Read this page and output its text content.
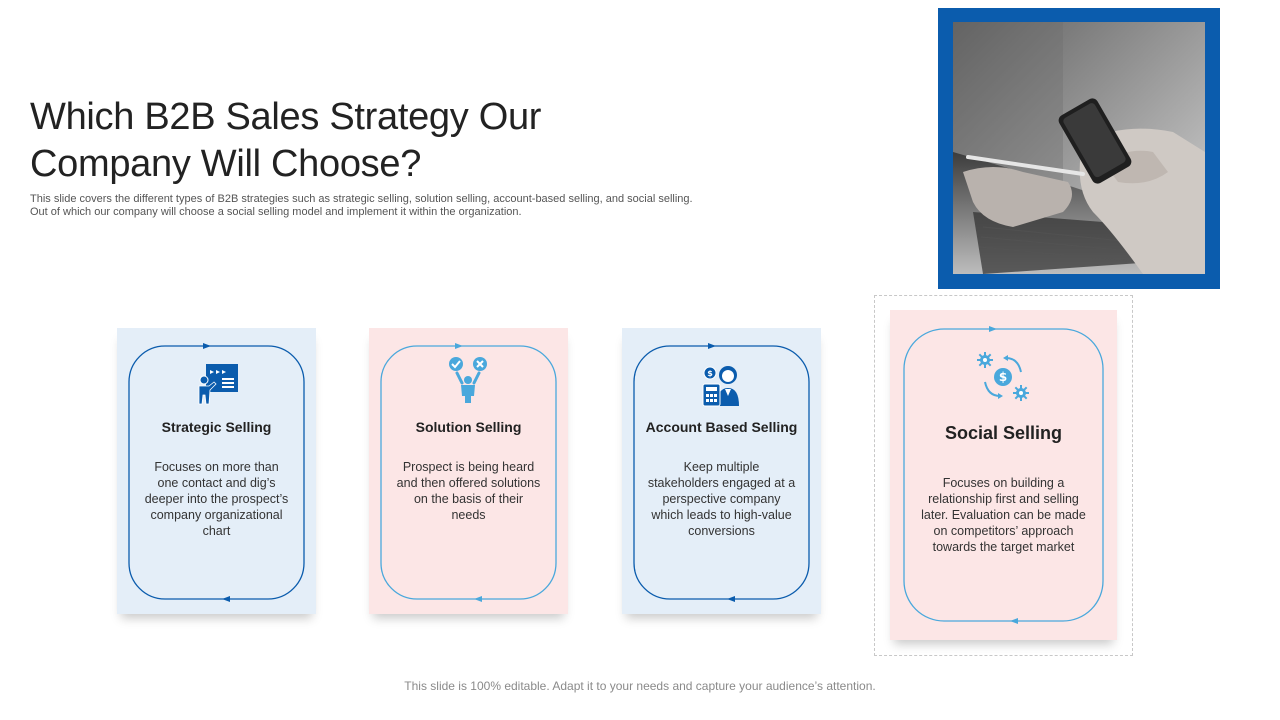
Which B2B Sales Strategy Our
Company Will Choose?
This slide covers the different types of B2B strategies such as strategic selling, solution selling, account-based selling, and social selling.
Out of which our company will choose a social selling model and implement it within the organization.
Strategic Selling
Focuses on more than
one contact and dig’s
deeper into the prospect’s
company organizational
chart
Solution Selling
Prospect is being heard
and then offered solutions
on the basis of their
needs
$
Account Based Selling
Keep multiple
stakeholders engaged at a
perspective company
which leads to high-value
conversions
$
Social Selling
Focuses on building a
relationship first and selling
later. Evaluation can be made
on competitors’ approach
towards the target market
This slide is 100% editable. Adapt it to your needs and capture your audience’s attention.
